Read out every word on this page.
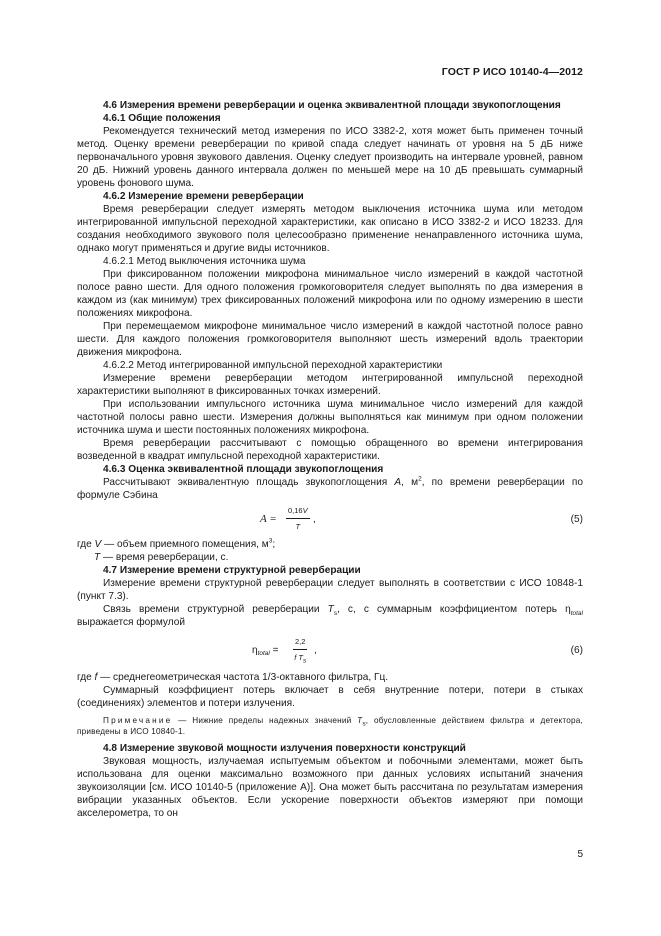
ГОСТ Р ИСО 10140-4—2012

4.6 Измерения времени реверберации и оценка эквивалентной площади звукопоглощения

4.6.1 Общие положения

Рекомендуется технический метод измерения по ИСО 3382-2, хотя может быть применен точный метод. Оценку времени реверберации по кривой спада следует начинать от уровня на 5 дБ ниже первоначального уровня звукового давления. Оценку следует производить на интервале уровней, равном 20 дБ. Нижний уровень данного интервала должен по меньшей мере на 10 дБ превышать суммарный уровень фонового шума.

4.6.2 Измерение времени реверберации

Время реверберации следует измерять методом выключения источника шума или методом интегрированной импульсной переходной характеристики, как описано в ИСО 3382-2 и ИСО 18233. Для создания необходимого звукового поля целесообразно применение ненаправленного источника шума, однако могут применяться и другие виды источников.

4.6.2.1 Метод выключения источника шума

При фиксированном положении микрофона минимальное число измерений в каждой частотной полосе равно шести. Для одного положения громкоговорителя следует выполнять по два измерения в каждом из (как минимум) трех фиксированных положений микрофона или по одному измерению в шести положениях микрофона.

При перемещаемом микрофоне минимальное число измерений в каждой частотной полосе равно шести. Для каждого положения громкоговорителя выполняют шесть измерений вдоль траектории движения микрофона.

4.6.2.2 Метод интегрированной импульсной переходной характеристики

Измерение времени реверберации методом интегрированной импульсной переходной характеристики выполняют в фиксированных точках измерений.

При использовании импульсного источника шума минимальное число измерений для каждой частотной полосы равно шести. Измерения должны выполняться как минимум при одном положении источника шума и шести постоянных положениях микрофона.

Время реверберации рассчитывают с помощью обращенного во времени интегрирования возведенной в квадрат импульсной переходной характеристики.

4.6.3 Оценка эквивалентной площади звукопоглощения

Рассчитывают эквивалентную площадь звукопоглощения A, $м^2$, по времени реверберации по формуле Сэбина

$A = \frac{0,16V}{T}$ ,	(5)

где V — объем приемного помещения, $м^3$;

T — время реверберации, с.

4.7 Измерение времени структурной реверберации

Измерение времени структурной реверберации следует выполнять в соответствии с ИСО 10848-1 (пункт 7.3).

Связь времени структурной реверберации $T_s$, с, с суммарным коэффициентом потерь $\eta_{total}$ выражается формулой

$\eta_{total} = \frac{2,2}{f T_s}$ ,	(6)

где f — среднегеометрическая частота 1/3-октавного фильтра, Гц.

Суммарный коэффициент потерь включает в себя внутренние потери, потери в стыках (соединениях) элементов и потери излучения.

Примечание — Нижние пределы надежных значений $T_s$, обусловленные действием фильтра и детектора, приведены в ИСО 10840-1.

4.8 Измерение звуковой мощности излучения поверхности конструкций

Звуковая мощность, излучаемая испытуемым объектом и побочными элементами, может быть использована для оценки максимально возможного при данных условиях испытаний значения звукоизоляции [см. ИСО 10140-5 (приложение А)]. Она может быть рассчитана по результатам измерения вибрации указанных объектов. Если ускорение поверхности объектов измеряют при помощи акселерометра, то он

5
